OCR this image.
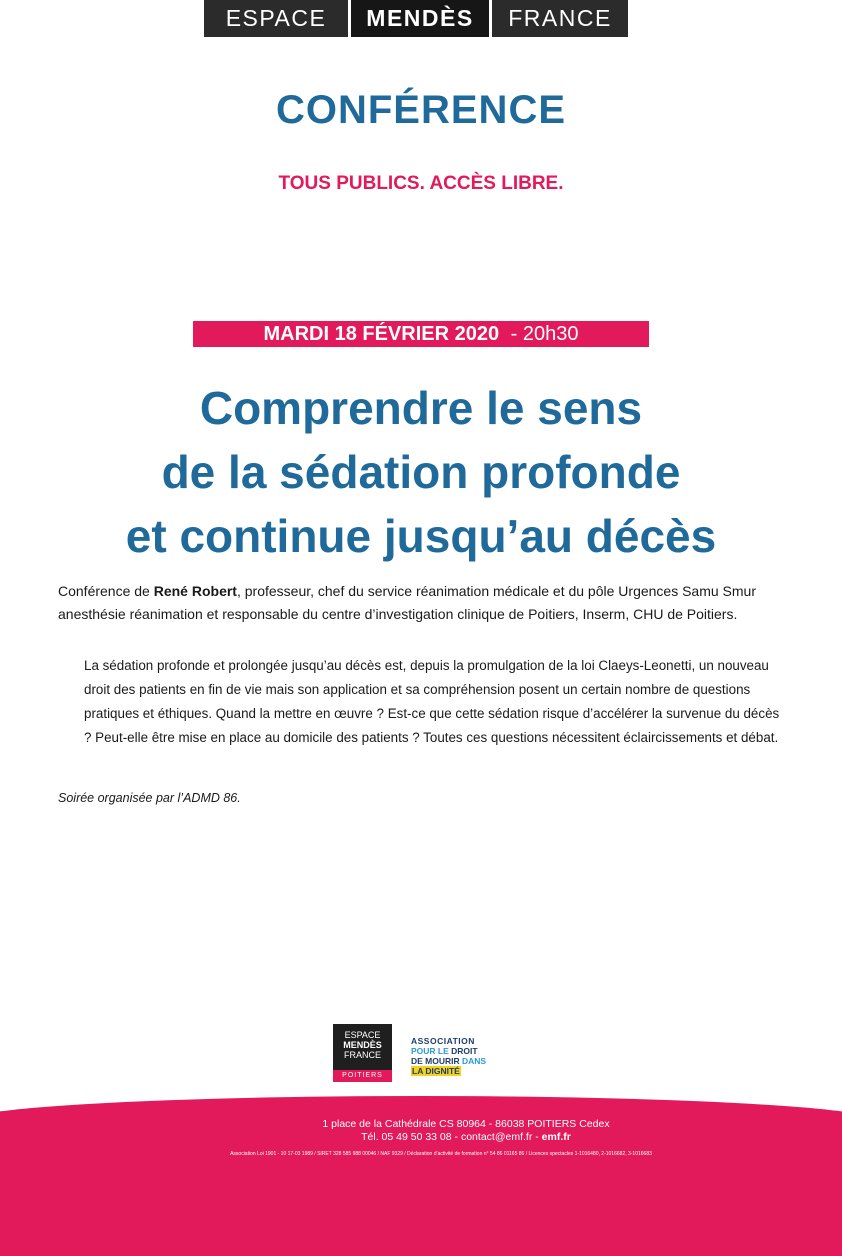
ESPACE	MENDÈS	FRANCE
CONFÉRENCE
TOUS PUBLICS. ACCÈS LIBRE.
MARDI 18 FÉVRIER 2020 - 20h30
Comprendre le sens
de la sédation profonde
et continue jusqu’au décès
Conférence de René Robert, professeur, chef du service réanimation médicale et du pôle Urgences Samu Smur anesthésie réanimation et responsable du centre d’investigation clinique de Poitiers, Inserm, CHU de Poitiers.
La sédation profonde et prolongée jusqu’au décès est, depuis la promulgation de la loi Claeys-Leonetti, un nouveau droit des patients en fin de vie mais son application et sa compréhension posent un certain nombre de questions pratiques et éthiques. Quand la mettre en œuvre ? Est-ce que cette sédation risque d’accélérer la survenue du décès ? Peut-elle être mise en place au domicile des patients ? Toutes ces questions nécessitent éclaircissements et débat.
Soirée organisée par l’ADMD 86.
ESPACE
MENDÈS
FRANCE
POITIERS
ASSOCIATION
POUR LE DROIT
DE MOURIR DANS
LA DIGNITÉ
1 place de la Cathédrale CS 80964 - 86038 POITIERS Cedex
Tél. 05 49 50 33 08 - contact@emf.fr - emf.fr
Association Loi 1901 - 10 17-03 1989 / SIRET 328 585 988 00046 / NAF 9329 / Déclaration d’activité de formation n° 54 86 01165 86 / Licences spectacles 1-1016480, 2-1016682, 3-1016683
